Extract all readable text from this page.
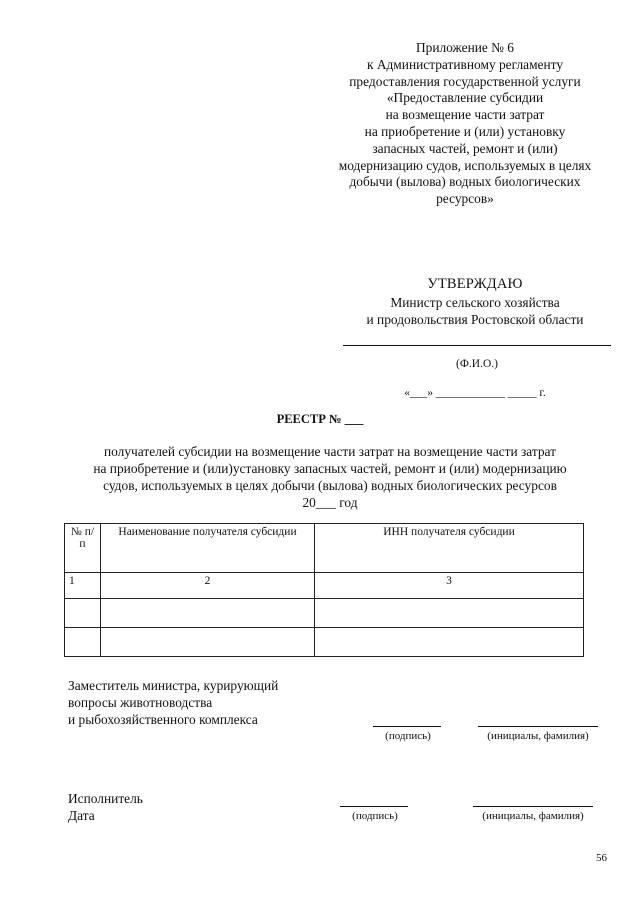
Приложение № 6
к Административному регламенту
предоставления государственной услуги
«Предоставление субсидии
на возмещение части затрат
на приобретение и (или) установку
запасных частей, ремонт и (или)
модернизацию судов, используемых в целях
добычи (вылова) водных биологических
ресурсов»
УТВЕРЖДАЮ
Министр сельского хозяйства
и продовольствия Ростовской области
(Ф.И.О.)
«___» ____________ _____ г.
РЕЕСТР № ___
получателей субсидии на возмещение части затрат на возмещение части затрат
на приобретение и (или)установку запасных частей, ремонт и (или) модернизацию
судов, используемых в целях добычи (вылова) водных биологических ресурсов
20___ год
№ п/п	Наименование получателя субсидии	ИНН получателя субсидии
1	2	3

Заместитель министра, курирующий
вопросы животноводства
и рыбохозяйственного комплекса
(подпись)	(инициалы, фамилия)
Исполнитель
Дата	(подпись)	(инициалы, фамилия)
56
